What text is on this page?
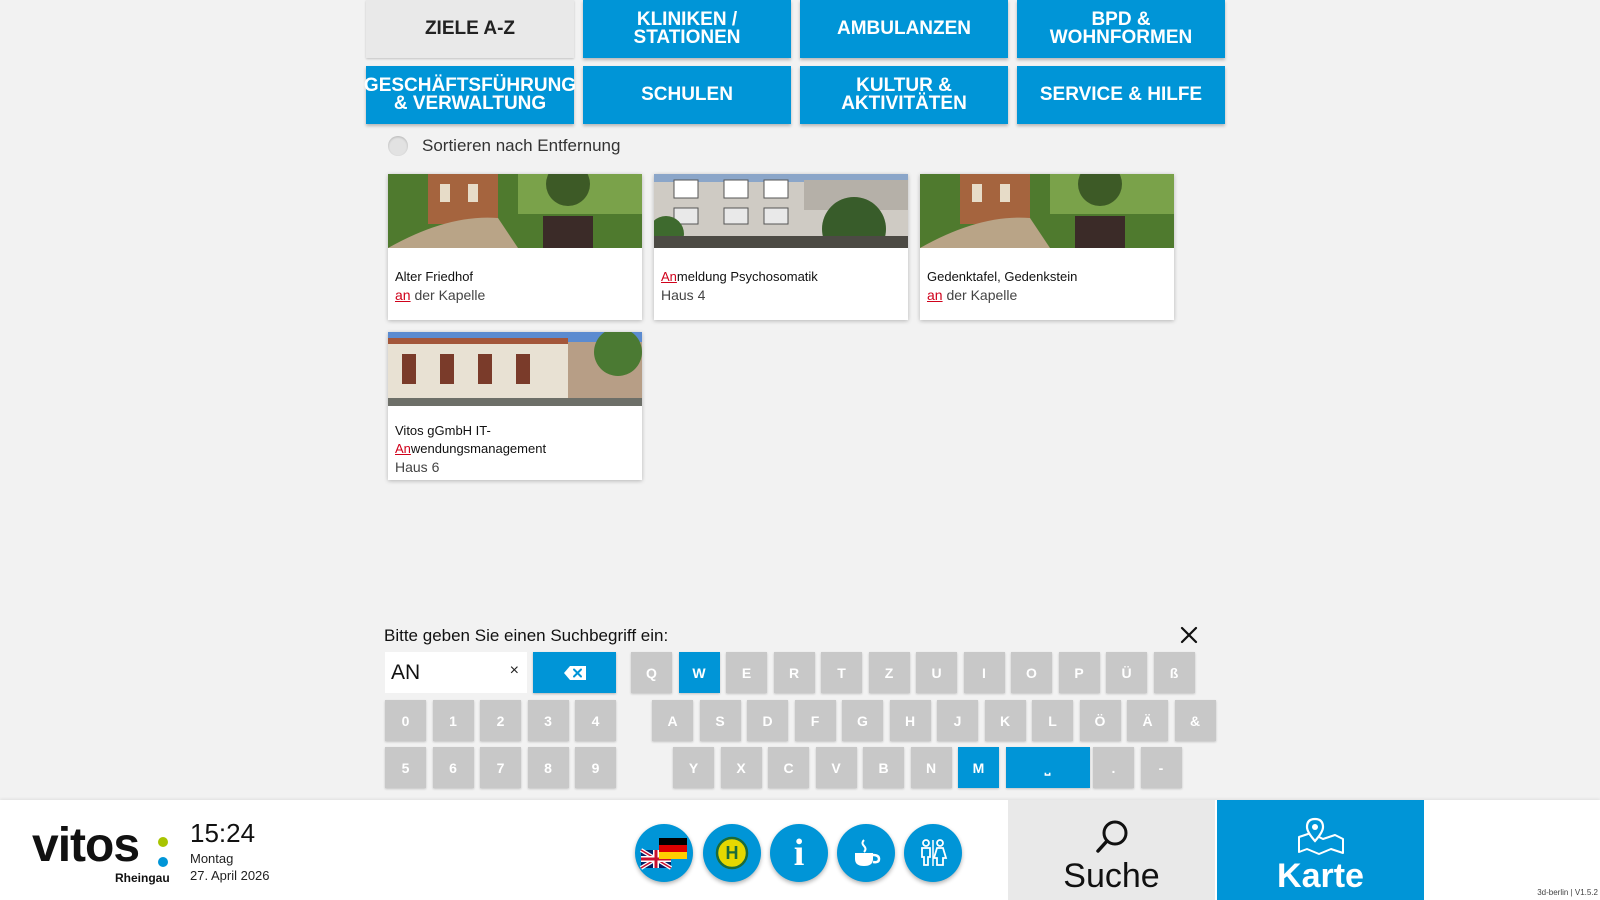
ZIELE A-Z	KLINIKEN / STATIONEN	AMBULANZEN	BPD & WOHNFORMEN
GESCHÄFTSFÜHRUNG
& VERWALTUNG	SCHULEN	KULTUR & AKTIVITÄTEN	SERVICE & HILFE
Sortieren nach Entfernung
Alter Friedhof
an der Kapelle
Anmeldung Psychosomatik
Haus 4
Gedenktafel, Gedenkstein
an der Kapelle
Vitos gGmbH IT-
Anwendungsmanagement
Haus 6
Bitte geben Sie einen Suchbegriff ein:
AN	×
0	1	2	3	4
5	6	7	8	9
Q	W	E	R	T	Z	U	I	O	P	Ü	ß
A	S	D	F	G	H	J	K	L	Ö	Ä	&
Y	X	C	V	B	N	M	⎵	.	-
vitos
Rheingau
15:24
Montag
27. April 2026
H i
Suche	Karte	3d-berlin | V1.5.2
